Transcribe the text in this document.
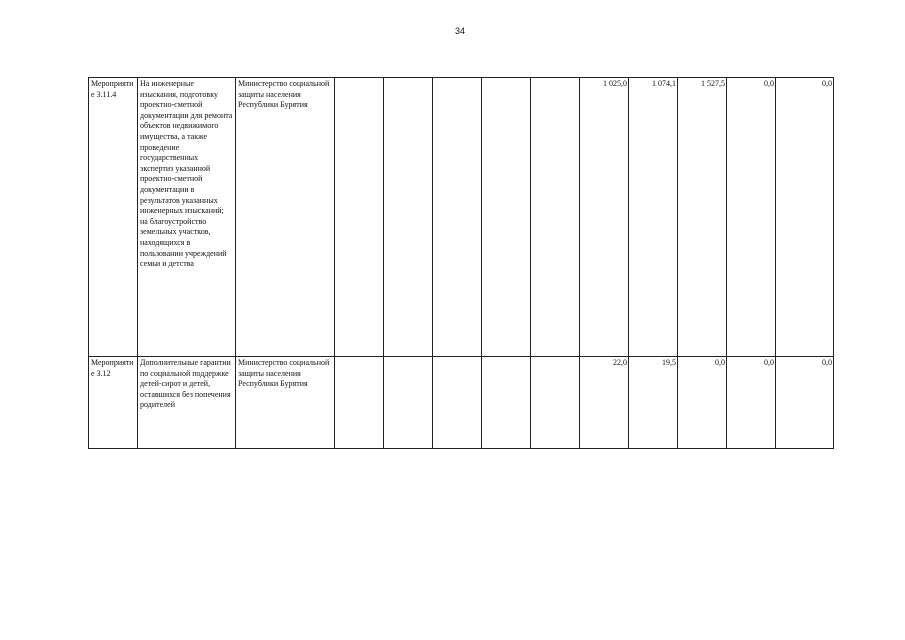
34
Мероприятие 3.11.4	На инженерные изыскания, подготовку проектно-сметной документации для ремонта объектов недвижимого имущества, а также проведение государственных экспертиз указанной проектно-сметной документации в результатов указанных инженерных изысканий; на благоустройство земельных участков, находящихся в пользовании учреждений семьи и детства	Министерство социальной защиты населения Республики Бурятия						1 025,0	1 074,1	1 527,5	0,0	0,0
Мероприятие 3.12	Дополнительные гарантии по социальной поддержке детей-сирот и детей, оставшихся без попечения родителей	Министерство социальной защиты населения Республики Бурятия						22,0	19,5	0,0	0,0	0,0
